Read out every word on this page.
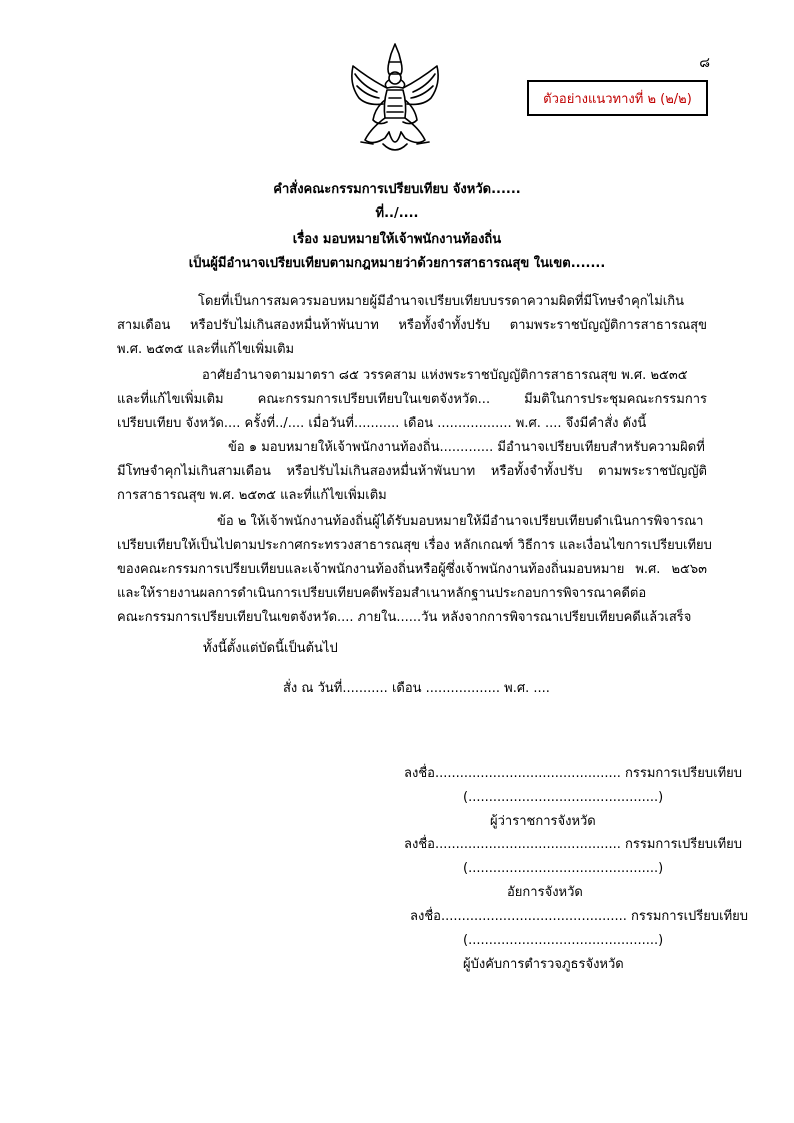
๘
ตัวอย่างแนวทางที่ ๒ (๒/๒)
คำสั่งคณะกรรมการเปรียบเทียบ จังหวัด......
ที่../....
เรื่อง มอบหมายให้เจ้าพนักงานท้องถิ่น
เป็นผู้มีอำนาจเปรียบเทียบตามกฎหมายว่าด้วยการสาธารณสุข ในเขต.......
โดยที่เป็นการสมควรมอบหมายผู้มีอำนาจเปรียบเทียบบรรดาความผิดที่มีโทษจำคุกไม่เกิน
สามเดือน หรือปรับไม่เกินสองหมื่นห้าพันบาท หรือทั้งจำทั้งปรับ ตามพระราชบัญญัติการสาธารณสุข
พ.ศ. ๒๕๓๕ และที่แก้ไขเพิ่มเติม
อาศัยอำนาจตามมาตรา ๘๕ วรรคสาม แห่งพระราชบัญญัติการสาธารณสุข พ.ศ. ๒๕๓๕
และที่แก้ไขเพิ่มเติม คณะกรรมการเปรียบเทียบในเขตจังหวัด... มีมติในการประชุมคณะกรรมการ
เปรียบเทียบ จังหวัด.... ครั้งที่../.... เมื่อวันที่........... เดือน .................. พ.ศ. .... จึงมีคำสั่ง ดังนี้
ข้อ ๑ มอบหมายให้เจ้าพนักงานท้องถิ่น............. มีอำนาจเปรียบเทียบสำหรับความผิดที่
มีโทษจำคุกไม่เกินสามเดือน หรือปรับไม่เกินสองหมื่นห้าพันบาท หรือทั้งจำทั้งปรับ ตามพระราชบัญญัติ
การสาธารณสุข พ.ศ. ๒๕๓๕ และที่แก้ไขเพิ่มเติม
ข้อ ๒ ให้เจ้าพนักงานท้องถิ่นผู้ได้รับมอบหมายให้มีอำนาจเปรียบเทียบดำเนินการพิจารณา
เปรียบเทียบให้เป็นไปตามประกาศกระทรวงสาธารณสุข เรื่อง หลักเกณฑ์ วิธีการ และเงื่อนไขการเปรียบเทียบ
ของคณะกรรมการเปรียบเทียบและเจ้าพนักงานท้องถิ่นหรือผู้ซึ่งเจ้าพนักงานท้องถิ่นมอบหมาย พ.ศ. ๒๕๖๓
และให้รายงานผลการดำเนินการเปรียบเทียบคดีพร้อมสำเนาหลักฐานประกอบการพิจารณาคดีต่อ
คณะกรรมการเปรียบเทียบในเขตจังหวัด.... ภายใน......วัน หลังจากการพิจารณาเปรียบเทียบคดีแล้วเสร็จ
ทั้งนี้ตั้งแต่บัดนี้เป็นต้นไป
สั่ง ณ วันที่........... เดือน .................. พ.ศ. ....
ลงชื่อ............................................. กรรมการเปรียบเทียบ
(..............................................)
ผู้ว่าราชการจังหวัด
ลงชื่อ............................................. กรรมการเปรียบเทียบ
(..............................................)
อัยการจังหวัด
ลงชื่อ............................................. กรรมการเปรียบเทียบ
(..............................................)
ผู้บังคับการตำรวจภูธรจังหวัด
